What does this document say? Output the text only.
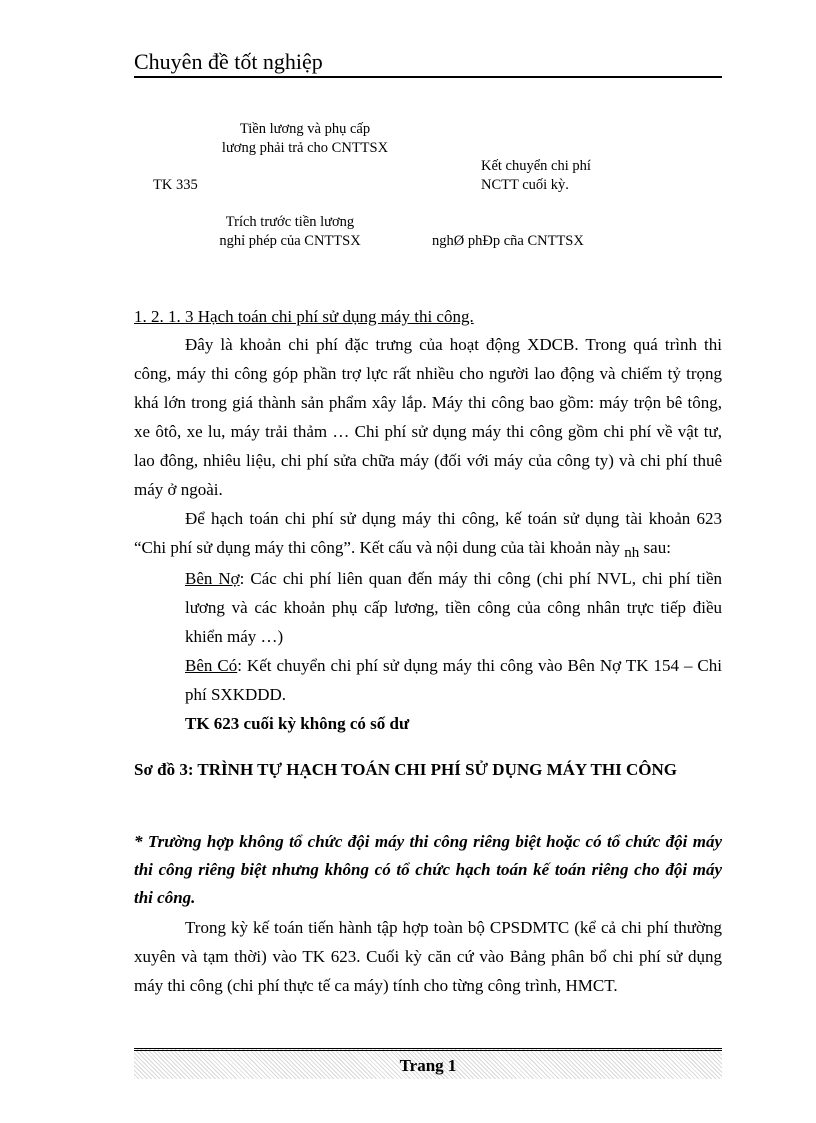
Chuyên đề tốt nghiệp
Tiền lương và phụ cấp
lương phải trả cho CNTTSX
TK 335
Kết chuyển chi phí
NCTT cuối kỳ.
Trích trước tiền lương
nghỉ phép của CNTTSX	nghØ phÐp cña CNTTSX
1. 2. 1. 3 Hạch toán chi phí sử dụng máy thi công.
Đây là khoản chi phí đặc trưng của hoạt động XDCB. Trong quá trình thi công, máy thi công góp phần trợ lực rất nhiều cho người lao động và chiếm tỷ trọng khá lớn trong giá thành sản phẩm xây lắp. Máy thi công bao gồm: máy trộn bê tông, xe ôtô, xe lu, máy trải thảm … Chi phí sử dụng máy thi công gồm chi phí về vật tư, lao đông, nhiêu liệu, chi phí sửa chữa máy (đối với máy của công ty) và chi phí thuê máy ở ngoài.
Để hạch toán chi phí sử dụng máy thi công, kế toán sử dụng tài khoản 623 “Chi phí sử dụng máy thi công”. Kết cấu và nội dung của tài khoản này nh sau:
Bên Nợ: Các chi phí liên quan đến máy thi công (chi phí NVL, chi phí tiền lương và các khoản phụ cấp lương, tiền công của công nhân trực tiếp điều khiển máy …)
Bên Có: Kết chuyển chi phí sử dụng máy thi công vào Bên Nợ TK 154 – Chi phí SXKDDD.
TK 623 cuối kỳ không có số dư
Sơ đồ 3: TRÌNH TỰ HẠCH TOÁN CHI PHÍ SỬ DỤNG MÁY THI CÔNG
* Trường hợp không tổ chức đội máy thi công riêng biệt hoặc có tổ chức đội máy thi công riêng biệt nhưng không có tổ chức hạch toán kế toán riêng cho đội máy thi công.
Trong kỳ kế toán tiến hành tập hợp toàn bộ CPSDMTC (kể cả chi phí thường xuyên và tạm thời) vào TK 623. Cuối kỳ căn cứ vào Bảng phân bổ chi phí sử dụng máy thi công (chi phí thực tế ca máy) tính cho từng công trình, HMCT.
Trang 1
